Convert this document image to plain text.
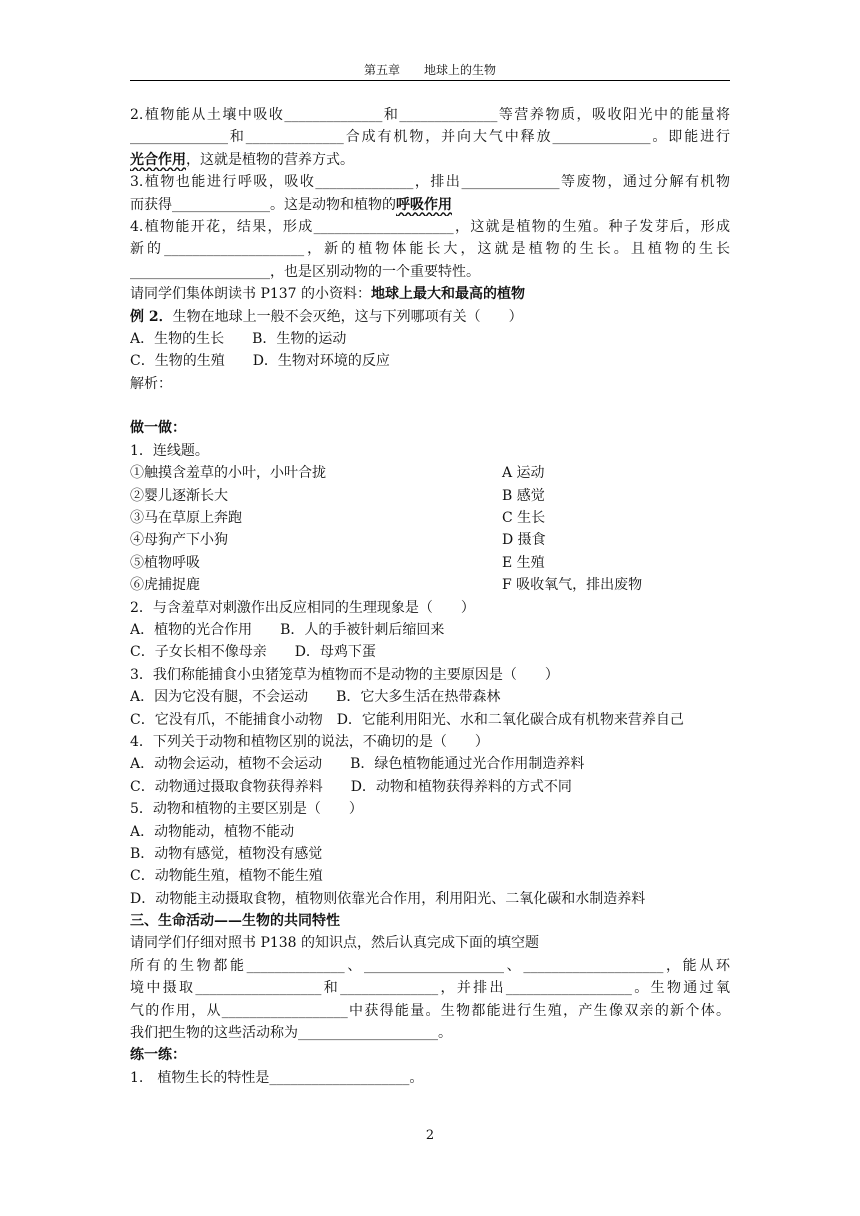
第五章　　 地球上的生物
2.植物能从土壤中吸收______________和______________等营养物质，吸收阳光中的能量将
______________和______________合成有机物，并向大气中释放______________。即能进行
光合作用，这就是植物的营养方式。
3.植物也能进行呼吸，吸收______________，排出______________等废物，通过分解有机物
而获得______________。这是动物和植物的呼吸作用
4.植物能开花，结果，形成____________________，这就是植物的生殖。种子发芽后，形成
新的____________________，新的植物体能长大，这就是植物的生长。且植物的生长
____________________，也是区别动物的一个重要特性。
请同学们集体朗读书 P137 的小资料：地球上最大和最高的植物
例 2．生物在地球上一般不会灭绝，这与下列哪项有关（　　）
A．生物的生长　　B．生物的运动
C．生物的生殖　　D．生物对环境的反应
解析：
做一做：
1．连线题。
①触摸含羞草的小叶，小叶合拢	A 运动
②婴儿逐渐长大	B 感觉
③马在草原上奔跑	C 生长
④母狗产下小狗	D 摄食
⑤植物呼吸	E 生殖
⑥虎捕捉鹿	F 吸收氧气，排出废物
2．与含羞草对刺激作出反应相同的生理现象是（　　）
A．植物的光合作用　　B．人的手被针刺后缩回来
C．子女长相不像母亲　　D．母鸡下蛋
3．我们称能捕食小虫猪笼草为植物而不是动物的主要原因是（　　）
A．因为它没有腿，不会运动　　B．它大多生活在热带森林
C．它没有爪，不能捕食小动物　D．它能利用阳光、水和二氧化碳合成有机物来营养自己
4．下列关于动物和植物区别的说法，不确切的是（　　）
A．动物会运动，植物不会运动　　B．绿色植物能通过光合作用制造养料
C．动物通过摄取食物获得养料　　D．动物和植物获得养料的方式不同
5．动物和植物的主要区别是（　　）
A．动物能动，植物不能动
B．动物有感觉，植物没有感觉
C．动物能生殖，植物不能生殖
D．动物能主动摄取食物，植物则依靠光合作用，利用阳光、二氧化碳和水制造养料
三、生命活动——生物的共同特性
请同学们仔细对照书 P138 的知识点，然后认真完成下面的填空题
所有的生物都能______________、____________________、____________________，能从环
境中摄取__________________和______________，并排出__________________。生物通过氧
气的作用，从__________________中获得能量。生物都能进行生殖，产生像双亲的新个体。
我们把生物的这些活动称为____________________。
练一练：
1.　植物生长的特性是____________________。
2
